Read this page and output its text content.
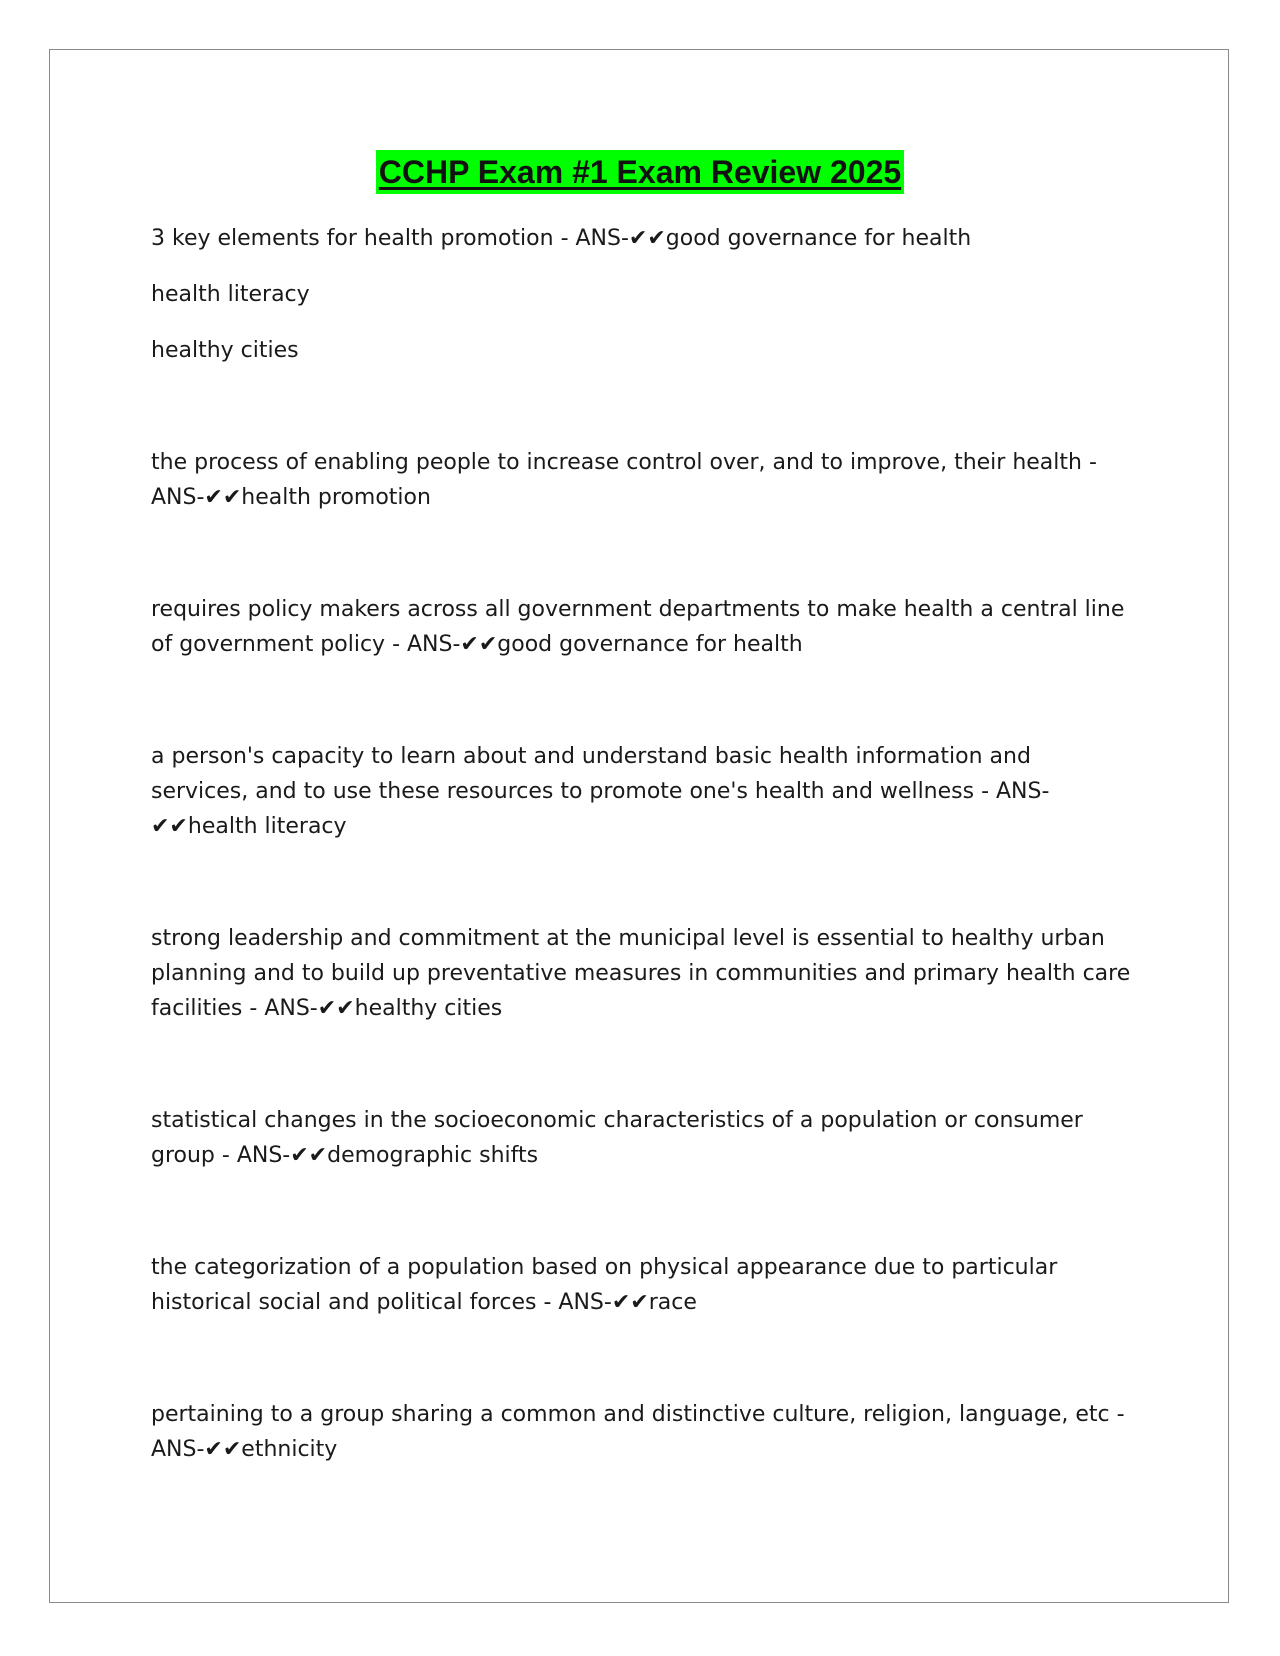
CCHP Exam #1 Exam Review 2025

3 key elements for health promotion - ANS-✔✔good governance for health

health literacy

healthy cities

the process of enabling people to increase control over, and to improve, their health - ANS-✔✔health promotion

requires policy makers across all government departments to make health a central line of government policy - ANS-✔✔good governance for health

a person's capacity to learn about and understand basic health information and services, and to use these resources to promote one's health and wellness - ANS-✔✔health literacy

strong leadership and commitment at the municipal level is essential to healthy urban planning and to build up preventative measures in communities and primary health care facilities - ANS-✔✔healthy cities

statistical changes in the socioeconomic characteristics of a population or consumer group - ANS-✔✔demographic shifts

the categorization of a population based on physical appearance due to particular historical social and political forces - ANS-✔✔race

pertaining to a group sharing a common and distinctive culture, religion, language, etc - ANS-✔✔ethnicity
